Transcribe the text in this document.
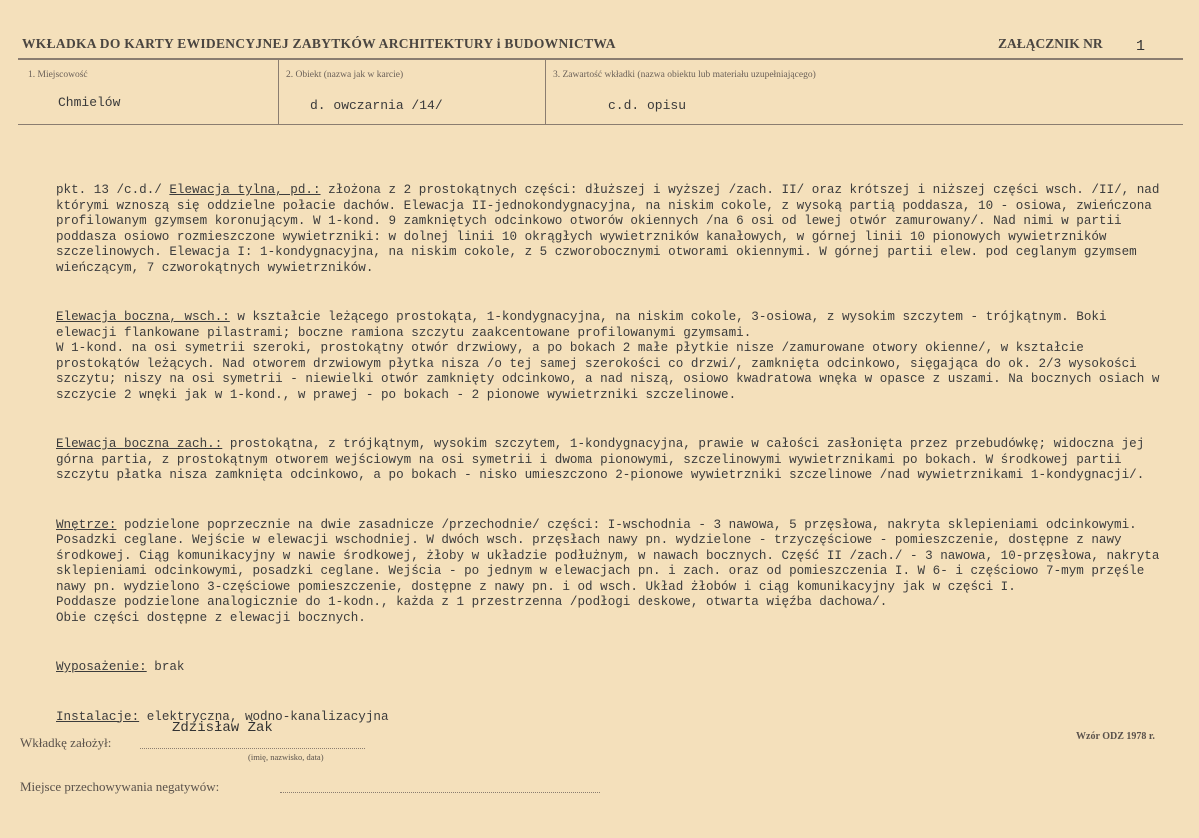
WKŁADKA DO KARTY EWIDENCYJNEJ ZABYTKÓW ARCHITEKTURY i BUDOWNICTWA	ZAŁĄCZNIK NR 1
1. Miejscowość
Chmielów
2. Obiekt (nazwa jak w karcie)
d. owczarnia /14/
3. Zawartość wkładki (nazwa obiektu lub materiału uzupełniającego)
c.d. opisu

pkt. 13 /c.d./ Elewacja tylna, pd.: złożona z 2 prostokątnych części: dłuższej i wyższej /zach. II/ oraz krótszej i niższej części wsch. /II/, nad którymi wznoszą się oddzielne połacie dachów. Elewacja II-jednokondygnacyjna, na niskim cokole, z wysoką partią poddasza, 10 - osiowa, zwieńczona profilowanym gzymsem koronującym. W 1-kond. 9 zamkniętych odcinkowo otworów okiennych /na 6 osi od lewej otwór zamurowany/. Nad nimi w partii poddasza osiowo rozmieszczone wywietrzniki: w dolnej linii 10 okrągłych wywietrzników kanałowych, w górnej linii 10 pionowych wywietrzników szczelinowych. Elewacja I: 1-kondygnacyjna, na niskim cokole, z 5 czworobocznymi otworami okiennymi. W górnej partii elew. pod ceglanym gzymsem wieńczącym, 7 czworokątnych wywietrzników.

Elewacja boczna, wsch.: w kształcie leżącego prostokąta, 1-kondygnacyjna, na niskim cokole, 3-osiowa, z wysokim szczytem - trójkątnym. Boki elewacji flankowane pilastrami; boczne ramiona szczytu zaakcentowane profilowanymi gzymsami.
W 1-kond. na osi symetrii szeroki, prostokątny otwór drzwiowy, a po bokach 2 małe płytkie nisze /zamurowane otwory okienne/, w kształcie prostokątów leżących. Nad otworem drzwiowym płytka nisza /o tej samej szerokości co drzwi/, zamknięta odcinkowo, sięgająca do ok. 2/3 wysokości szczytu; niszy na osi symetrii - niewielki otwór zamknięty odcinkowo, a nad niszą, osiowo kwadratowa wnęka w opasce z uszami. Na bocznych osiach w szczycie 2 wnęki jak w 1-kond., w prawej - po bokach - 2 pionowe wywietrzniki szczelinowe.

Elewacja boczna zach.: prostokątna, z trójkątnym, wysokim szczytem, 1-kondygnacyjna, prawie w całości zasłonięta przez przebudówkę; widoczna jej górna partia, z prostokątnym otworem wejściowym na osi symetrii i dwoma pionowymi, szczelinowymi wywietrznikami po bokach. W środkowej partii szczytu płatka nisza zamknięta odcinkowo, a po bokach - nisko umieszczono 2-pionowe wywietrzniki szczelinowe /nad wywietrznikami 1-kondygnacji/.

Wnętrze: podzielone poprzecznie na dwie zasadnicze /przechodnie/ części: I-wschodnia - 3 nawowa, 5 przęsłowa, nakryta sklepieniami odcinkowymi. Posadzki ceglane. Wejście w elewacji wschodniej. W dwóch wsch. przęsłach nawy pn. wydzielone - trzyczęściowe - pomieszczenie, dostępne z nawy środkowej. Ciąg komunikacyjny w nawie środkowej, żłoby w układzie podłużnym, w nawach bocznych. Część II /zach./ - 3 nawowa, 10-przęsłowa, nakryta sklepieniami odcinkowymi, posadzki ceglane. Wejścia - po jednym w elewacjach pn. i zach. oraz od pomieszczenia I. W 6- i częściowo 7-mym przęśle nawy pn. wydzielono 3-częściowe pomieszczenie, dostępne z nawy pn. i od wsch. Układ żłobów i ciąg komunikacyjny jak w części I.
Poddasze podzielone analogicznie do 1-kodn., każda z 1 przestrzenna /podłogi deskowe, otwarta więźba dachowa/.
Obie części dostępne z elewacji bocznych.

Wyposażenie: brak

Instalacje: elektryczna, wodno-kanalizacyjna

Wkładkę założył:
Zdzisław Żak
(imię, nazwisko, data)
Wzór ODZ 1978 r.
Miejsce przechowywania negatywów:
